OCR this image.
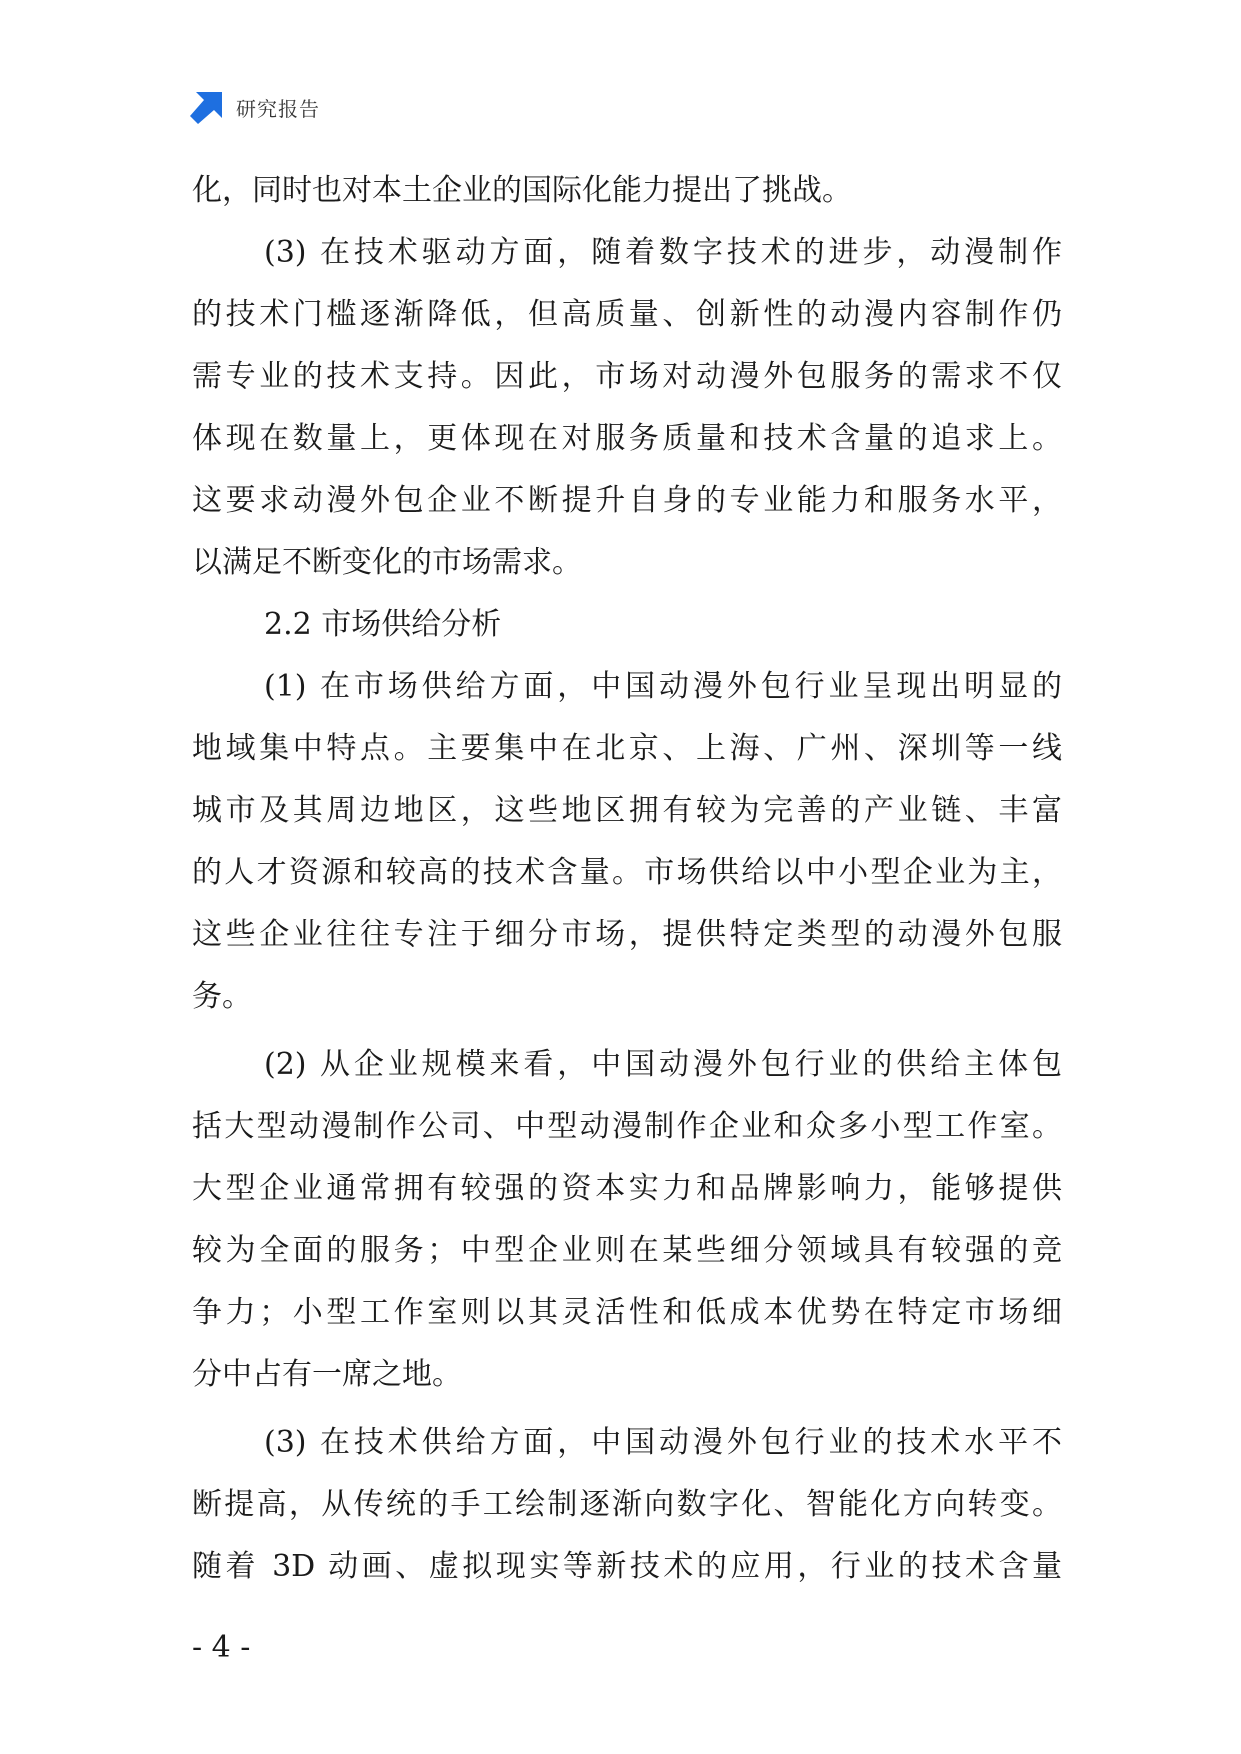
研究报告
化，同时也对本土企业的国际化能力提出了挑战。
(3) 在技术驱动方面，随着数字技术的进步，动漫制作
的技术门槛逐渐降低，但高质量、创新性的动漫内容制作仍
需专业的技术支持。因此，市场对动漫外包服务的需求不仅
体现在数量上，更体现在对服务质量和技术含量的追求上。
这要求动漫外包企业不断提升自身的专业能力和服务水平，
以满足不断变化的市场需求。
2.2 市场供给分析
(1) 在市场供给方面，中国动漫外包行业呈现出明显的
地域集中特点。主要集中在北京、上海、广州、深圳等一线
城市及其周边地区，这些地区拥有较为完善的产业链、丰富
的人才资源和较高的技术含量。市场供给以中小型企业为主，
这些企业往往专注于细分市场，提供特定类型的动漫外包服
务。
(2) 从企业规模来看，中国动漫外包行业的供给主体包
括大型动漫制作公司、中型动漫制作企业和众多小型工作室。
大型企业通常拥有较强的资本实力和品牌影响力，能够提供
较为全面的服务；中型企业则在某些细分领域具有较强的竞
争力；小型工作室则以其灵活性和低成本优势在特定市场细
分中占有一席之地。
(3) 在技术供给方面，中国动漫外包行业的技术水平不
断提高，从传统的手工绘制逐渐向数字化、智能化方向转变。
随着 3D 动画、虚拟现实等新技术的应用，行业的技术含量
- 4 -
